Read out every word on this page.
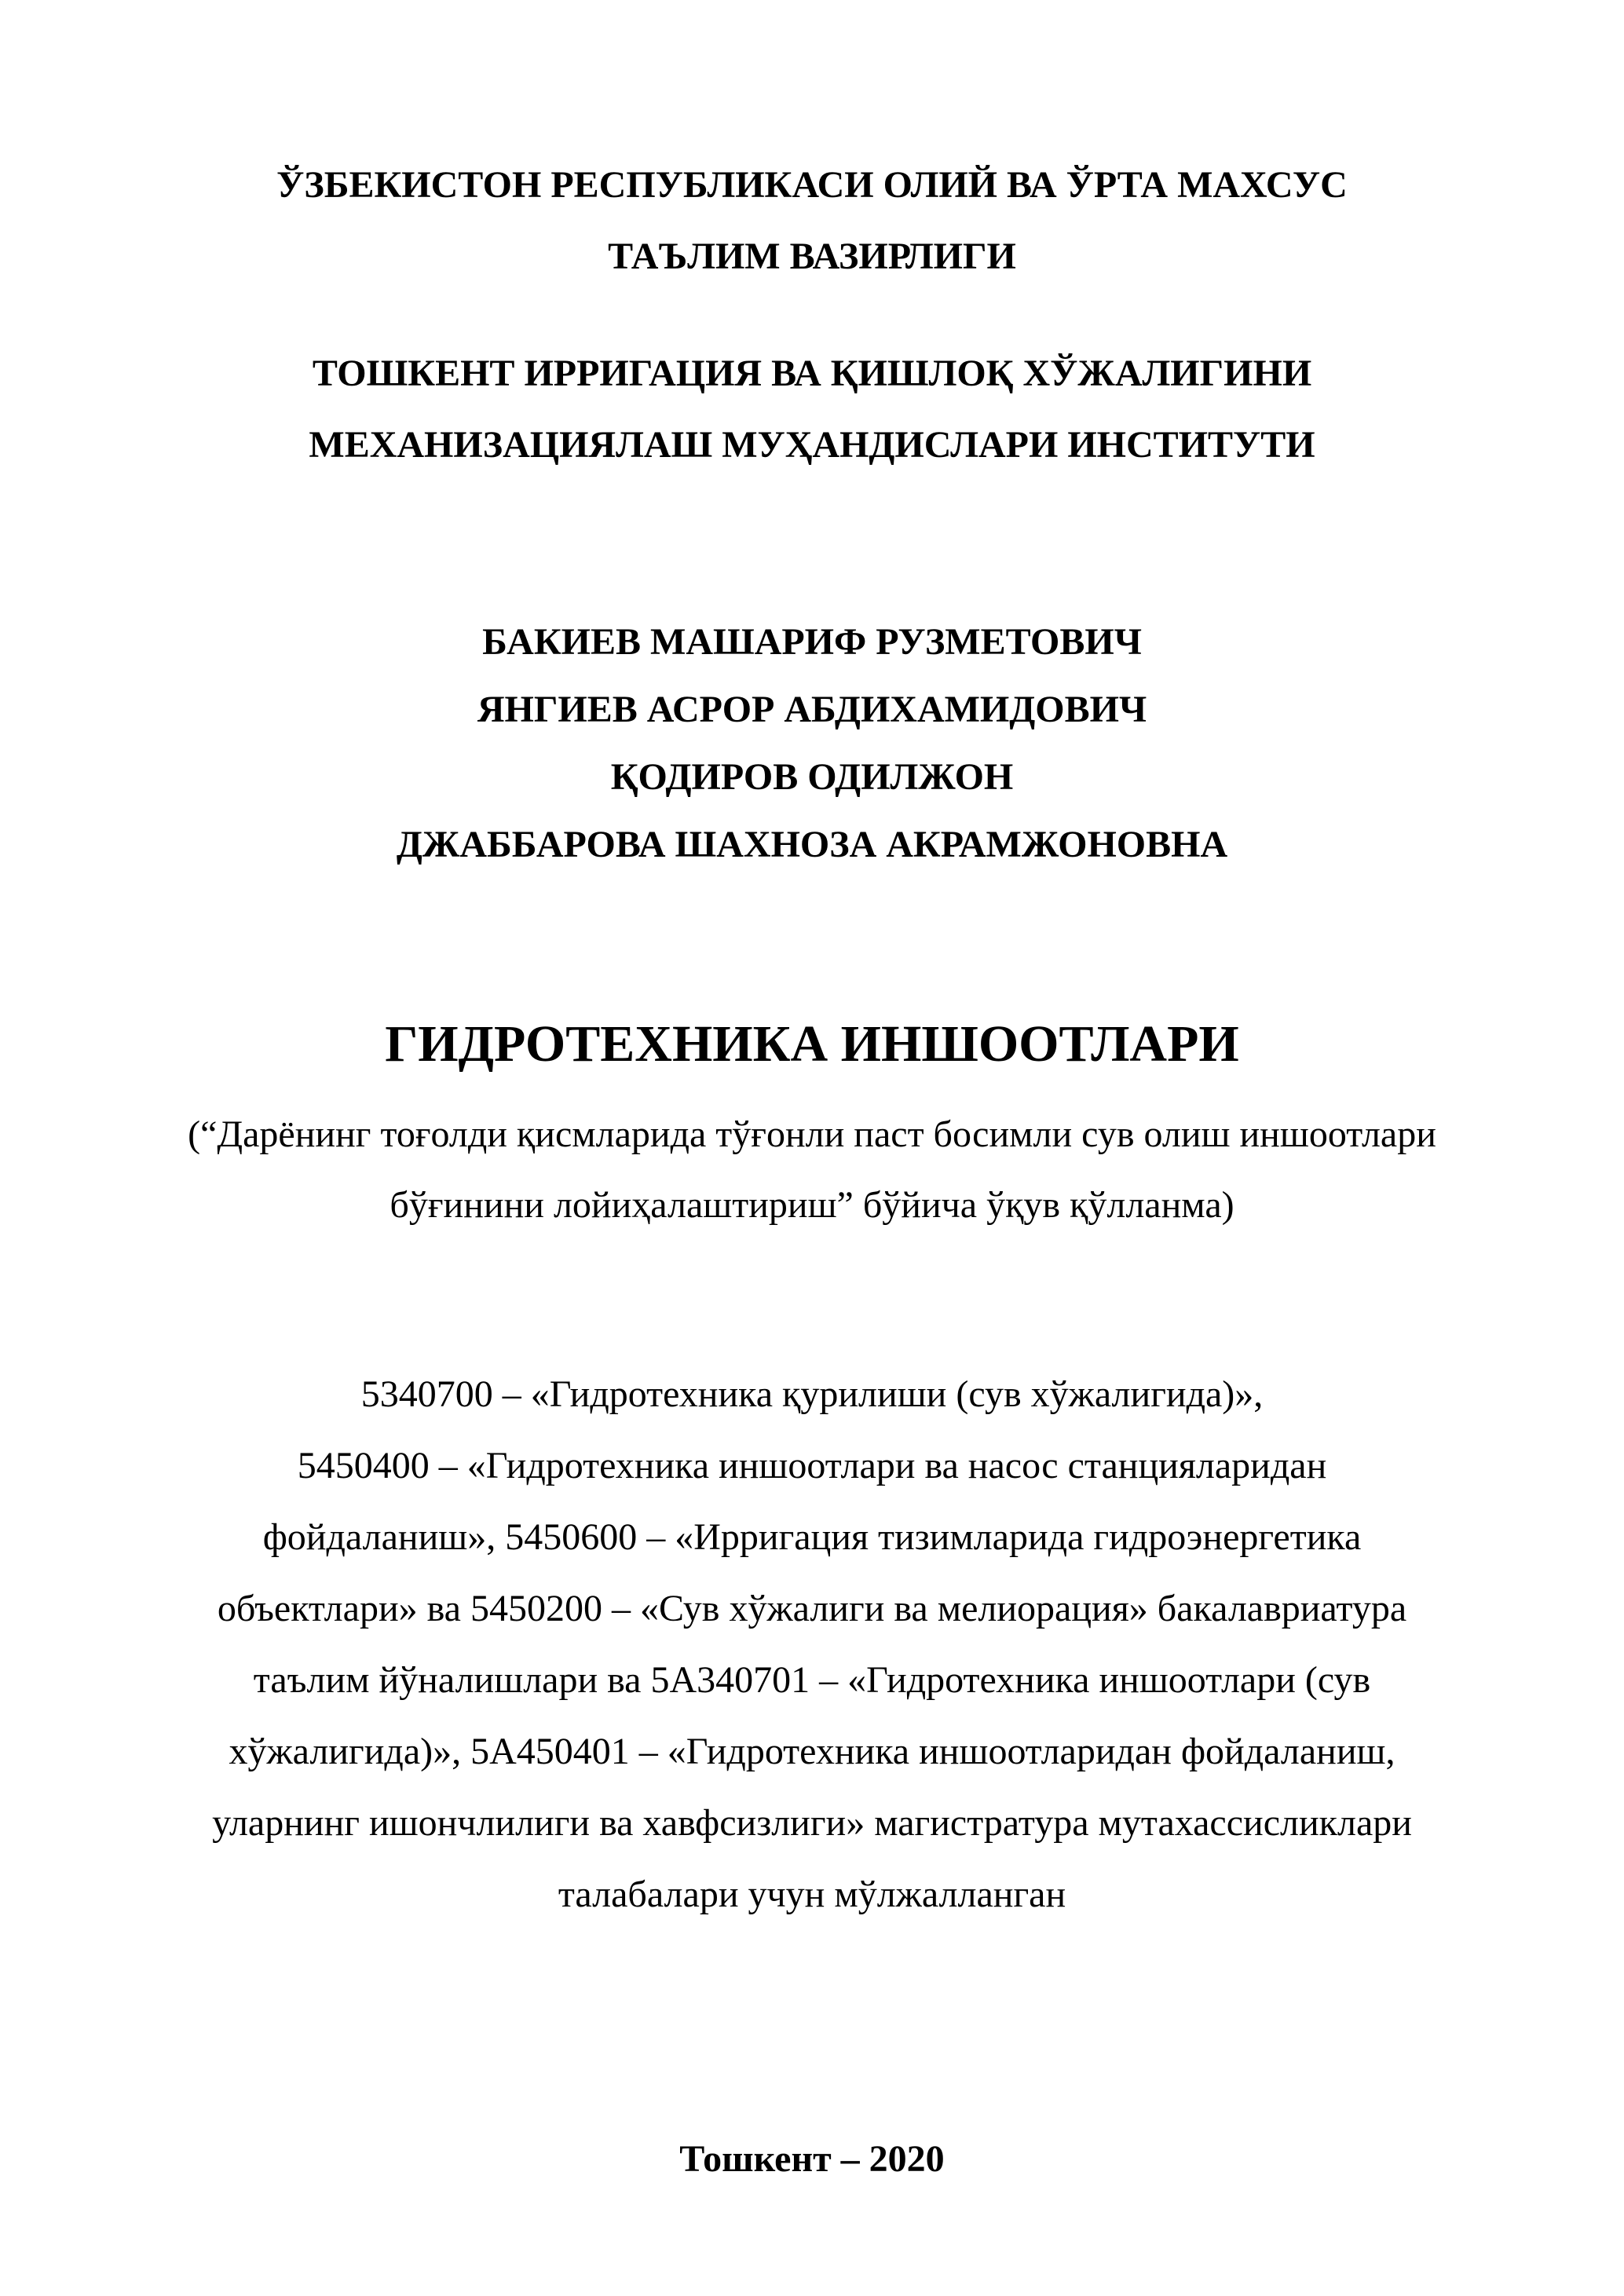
ЎЗБЕКИСТОН РЕСПУБЛИКАСИ ОЛИЙ ВА ЎРТА МАХСУС
ТАЪЛИМ ВАЗИРЛИГИ
ТОШКЕНТ ИРРИГАЦИЯ ВА ҚИШЛОҚ ХЎЖАЛИГИНИ
МЕХАНИЗАЦИЯЛАШ МУҲАНДИСЛАРИ ИНСТИТУТИ
БАКИЕВ МАШАРИФ РУЗМЕТОВИЧ
ЯНГИЕВ АСРОР АБДИХАМИДОВИЧ
ҚОДИРОВ ОДИЛЖОН
ДЖАББАРОВА ШАХНОЗА АКРАМЖОНОВНА
ГИДРОТЕХНИКА ИНШООТЛАРИ
(“Дарёнинг тоғолди қисмларида тўғонли паст босимли сув олиш иншоотлари
бўғинини лойиҳалаштириш” бўйича ўқув қўлланма)
5340700 – «Гидротехника қурилиши (сув хўжалигида)»,
5450400 – «Гидротехника иншоотлари ва насос станцияларидан
фойдаланиш», 5450600 – «Ирригация тизимларида гидроэнергетика
объектлари» ва 5450200 – «Сув хўжалиги ва мелиорация» бакалавриатура
таълим йўналишлари ва 5А340701 – «Гидротехника иншоотлари (сув
хўжалигида)», 5А450401 – «Гидротехника иншоотларидан фойдаланиш,
уларнинг ишончлилиги ва хавфсизлиги» магистратура мутахассисликлари
талабалари учун мўлжалланган
Тошкент – 2020
